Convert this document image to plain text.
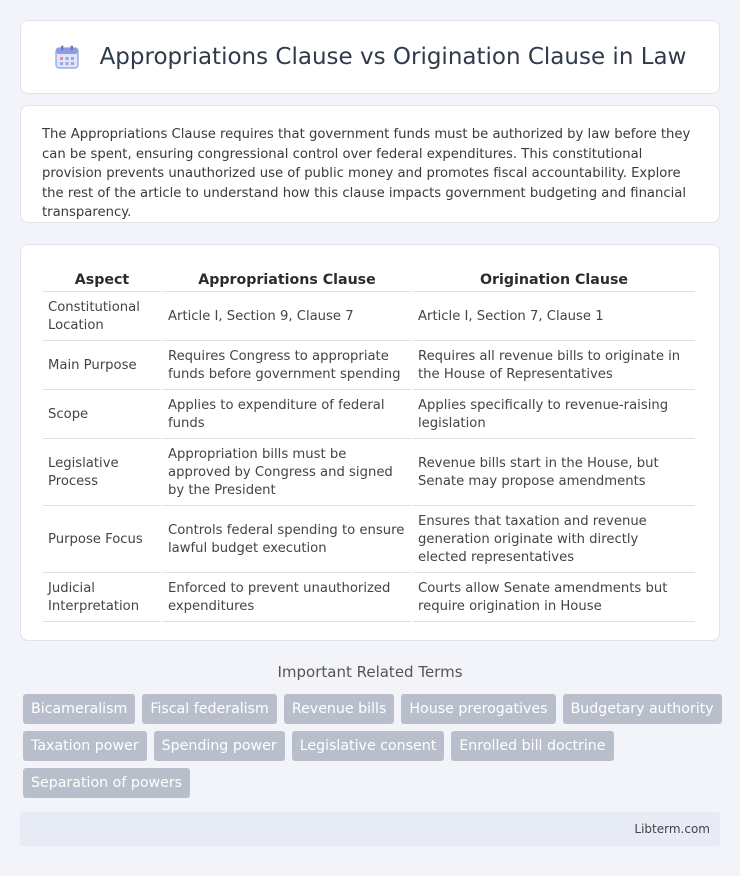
Appropriations Clause vs Origination Clause in Law

The Appropriations Clause requires that government funds must be authorized by law before they can be spent, ensuring congressional control over federal expenditures. This constitutional provision prevents unauthorized use of public money and promotes fiscal accountability. Explore the rest of the article to understand how this clause impacts government budgeting and financial transparency.

Aspect	Appropriations Clause	Origination Clause
Constitutional Location	Article I, Section 9, Clause 7	Article I, Section 7, Clause 1
Main Purpose	Requires Congress to appropriate funds before government spending	Requires all revenue bills to originate in the House of Representatives
Scope	Applies to expenditure of federal funds	Applies specifically to revenue-raising legislation
Legislative Process	Appropriation bills must be approved by Congress and signed by the President	Revenue bills start in the House, but Senate may propose amendments
Purpose Focus	Controls federal spending to ensure lawful budget execution	Ensures that taxation and revenue generation originate with directly elected representatives
Judicial Interpretation	Enforced to prevent unauthorized expenditures	Courts allow Senate amendments but require origination in House
Important Related Terms
Bicameralism	Fiscal federalism	Revenue bills	House prerogatives	Budgetary authority
Taxation power	Spending power	Legislative consent	Enrolled bill doctrine
Separation of powers
Libterm.com
